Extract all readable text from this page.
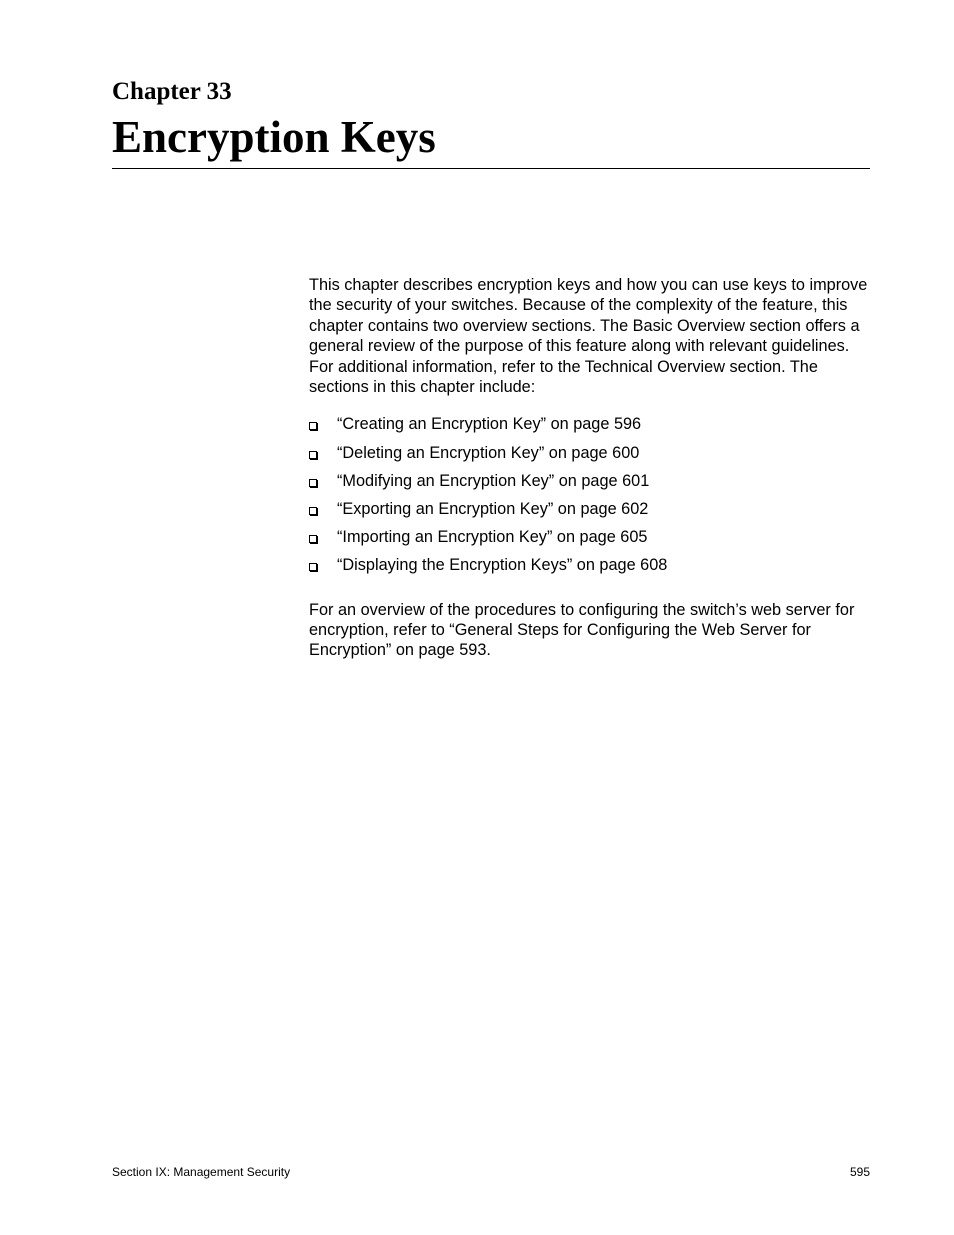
Chapter 33
Encryption Keys

This chapter describes encryption keys and how you can use keys to improve the security of your switches. Because of the complexity of the feature, this chapter contains two overview sections. The Basic Overview section offers a general review of the purpose of this feature along with relevant guidelines. For additional information, refer to the Technical Overview section. The sections in this chapter include:

“Creating an Encryption Key” on page 596
“Deleting an Encryption Key” on page 600
“Modifying an Encryption Key” on page 601
“Exporting an Encryption Key” on page 602
“Importing an Encryption Key” on page 605
“Displaying the Encryption Keys” on page 608

For an overview of the procedures to configuring the switch’s web server for encryption, refer to “General Steps for Configuring the Web Server for Encryption” on page 593.

Section IX: Management Security	595
